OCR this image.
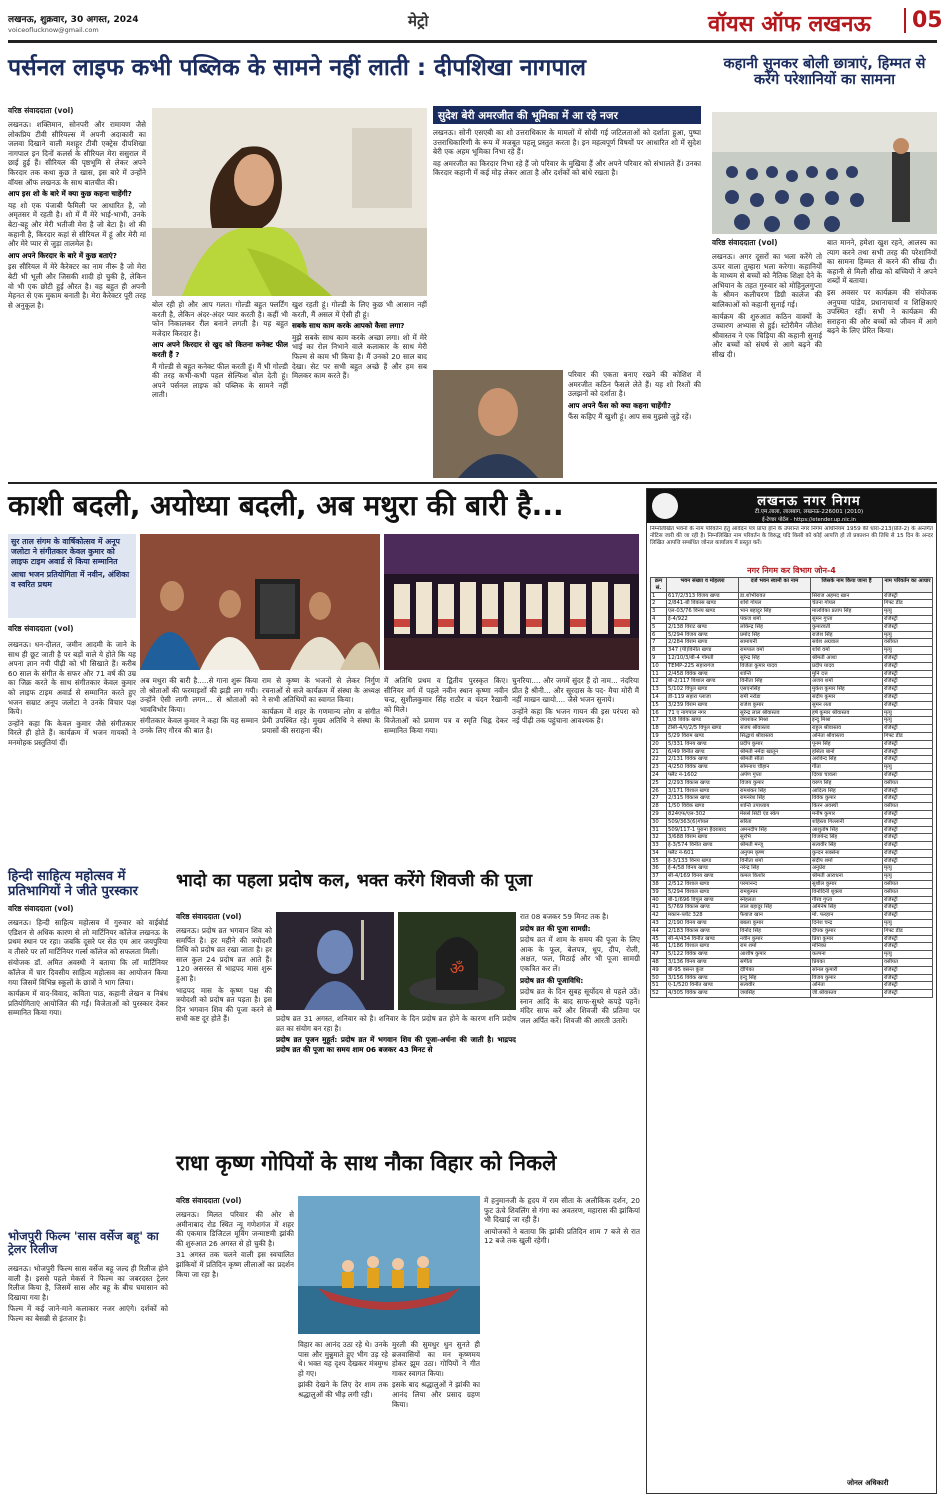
लखनऊ, शुक्रवार, 30 अगस्त, 2024
voiceoflucknow@gmail.com	मेट्रो	वॉयस ऑफ लखनऊ	05
पर्सनल लाइफ कभी पब्लिक के सामने नहीं लाती : दीपशिखा नागपाल
वरिष्ठ संवाददाता (vol)

लखनऊ। शक्तिमान, सोनपरी और रामायण जैसे लोकप्रिय टीवी सीरियल्स में अपनी अदाकारी का जलवा दिखाने वाली मशहूर टीवी एक्ट्रेस दीपशिखा नागपाल इन दिनों कलर्स के सीरियल मेरा ससुराल में छाई हुई हैं। सीरियल की पृष्ठभूमि से लेकर अपने किरदार तक कथा कुछ ते खास, इस बारे में उन्होंने वॉयस ऑफ लखनऊ के साथ बातचीत की।

आप इस शो के बारे में क्या कुछ कहना चाहेंगी?

यह शो एक पंजाबी फैमिली पर आधारित है, जो अमृतसर में रहती है। शो में मैं मेरे भाई-भाभी, उनके बेटा-बहू और मेरी भतीजी मेरा है जो बेटा है। शो की कहानी है, किरदार कहां से सीरियल में हूं और मेरी मां और मेरे प्यार से जुड़ा तालमेल है।

आप अपने किरदार के बारे में कुछ बताएं?

इस सीरियल में मेरे कैरेक्टर का नाम नीरू है जो मेरा बेटी भी भूली और जिसकी शादी हो चुकी है, लेकिन वो भी एक छोटी हुई औरत है। वह बहुत ही अपनी मेहनत से एक मुकाम बनाती है। मेरा कैरेक्टर पूरी तरह से अनुकूल है।	बोल रही हो और आप गलत। गोल्डी बहुत फ्लर्टिंग करती है, लेकिन अंदर-अंदर प्यार करती है। कहीं भी फोन निकालकर रील बनाने लगती है। यह बहुत मजेदार किरदार है।

आप अपने किरदार से खुद को कितना कनेक्ट फील करती हैं ?

मैं गोल्डी से बहुत कनेक्ट फील करती हूं। मैं भी गोल्डी की तरह कभी-कभी पहल सेल्फिश बोल देती हूं। अपने पर्सनल लाइफ को पब्लिक के सामने नहीं लाती।

खुश रहती हूं। गोल्डी के लिए कुछ भी आसान नहीं करती, मैं असल में ऐसी ही हूं।

सबके साथ काम करके आपको कैसा लगा?

मुझे सबके साथ काम करके अच्छा लगा। शो में मेरे भाई का रोल निभाने वाले कलाकार के साथ मेरी फिल्म से काम भी किया है। मैं उनको 20 साल बाद देखा। सेट पर सभी बहुत अच्छे हैं और हम सब मिलकर काम करते हैं।

सुदेश बेरी अमरजीत की भूमिका में आ रहे नजर

लखनऊ। सोनी एसएबी का शो उत्तराधिकार के मामलों में सोची गई जटिलताओं को दर्शाता हुआ, पुष्पा उत्तराधिकारिणी के रूप में मजबूत पहलू प्रस्तुत करता है। इन महत्वपूर्ण विषयों पर आधारित शो में सुदेश बेरी एक अहम भूमिका निभा रहे हैं।

वह अमरजीत का किरदार निभा रहे हैं जो परिवार के मुखिया हैं और अपने परिवार को संभालते हैं। उनका किरदार कहानी में कई मोड़ लेकर आता है और दर्शकों को बांधे रखता है।

परिवार की एकता बनाए रखने की कोशिश में अमरजीत कठिन फैसले लेते हैं। यह शो रिश्तों की उलझनों को दर्शाता है।

आप अपने फैंस को क्या कहना चाहेंगी?

फैंस कहिए मैं खुशी हूं। आप सब मुझसे जुड़े रहें।

कहानी सुनकर बोली छात्राएं, हिम्मत से करेंगे परेशानियों का सामना
वरिष्ठ संवाददाता (vol)

लखनऊ। अगर दूसरों का भला करेंगे तो ऊपर वाला तुम्हारा भला करेगा। कहानियों के माध्यम से बच्चों को नैतिक शिक्षा देने के अभियान के तहत गुरुवार को मोहिनुलगुप्ता के श्रीमन कलीचरण डिग्री कालेज की बालिकाओं को कहानी सुनाई गई।

कार्यक्रम की शुरुआत कठिन वाक्यों के उच्चारण अभ्यास से हुई। स्टोरीमैन जीतेश श्रीवास्तव ने एक चिड़िया की कहानी सुनाई और बच्चों को संघर्ष से आगे बढ़ने की सीख दी।

बात मानने, हमेशा खुश रहने, आलस्य का त्याग करने तथा सभी तरह की परेशानियों का सामना हिम्मत से करने की सीख दी। कहानी से मिली सीख को बच्चियों ने अपने शब्दों में बताया।

इस अवसर पर कार्यक्रम की संयोजक अनुपमा पांडेय, प्रधानाचार्या व शिक्षिकाएं उपस्थित रहीं। सभी ने कार्यक्रम की सराहना की और बच्चों को जीवन में आगे बढ़ने के लिए प्रेरित किया।

काशी बदली, अयोध्या बदली, अब मथुरा की बारी है...
सुर ताल संगम के वार्षिकोत्सव में अनूप जलोटा ने संगीतकार केवल कुमार को लाइफ टाइम अवार्ड से किया सम्मानित
आधा भजन प्रतियोगिता में नवीन, अंशिका व स्वरित प्रथम
वरिष्ठ संवाददाता (vol)

लखनऊ। धन-दौलत, जमीन आदमी के जाने के साथ ही छूट जाती है पर बड़ों वाले ये होते कि यह अपना ज्ञान नयी पीढ़ी को भी सिखाते हैं। करीब 60 साल के संगीत के सफर और 71 वर्ष की उम्र का जिक्र करते के साथ संगीतकार केवल कुमार को लाइफ टाइम अवार्ड से सम्मानित करते हुए भजन सम्राट अनूप जलोटा ने उनके विचार पक्ष किये।

उन्होंने कहा कि केवल कुमार जैसे संगीतकार विरले ही होते हैं। कार्यक्रम में भजन गायकों ने मनमोहक प्रस्तुतियां दीं।

अब मथुरा की बारी है.....से गाना शुरू किया तो श्रोताओं की फरमाइशों की झड़ी लग गयी। उन्होंने ऐसी लागी लगन... से श्रोताओं को भावविभोर किया।

संगीतकार केवल कुमार ने कहा कि यह सम्मान उनके लिए गौरव की बात है।

राम से कृष्ण के भजनों से लेकर निर्गुण रचनाओं से सजे कार्यक्रम में संस्था के अध्यक्ष ने सभी अतिथियों का स्वागत किया।

कार्यक्रम में शहर के गणमान्य लोग व संगीत प्रेमी उपस्थित रहे। मुख्य अतिथि ने संस्था के प्रयासों की सराहना की।

में अतिथि प्रथम व द्वितीय पुरस्कृत किए। सीनियर वर्ग में पहले नवीन स्थान कृष्णा नवीन चन्द्र, सुशीलकुमार सिंह राठौर व चंदन रैखानी को मिले।

विजेताओं को प्रमाण पत्र व स्मृति चिह्न देकर सम्मानित किया गया।

चुनरिया.... और जगमें सुंदर हैं दो नाम... नंदरिया प्रीत है श्रीनी... और सूरदास के पद- मैया मोरी मैं नहीं माखन खायो.... जैसे भजन सुनाये।

उन्होंने कहा कि भजन गायन की इस परंपरा को नई पीढ़ी तक पहुंचाना आवश्यक है।

हिन्दी साहित्य महोत्सव में प्रतिभागियों ने जीते पुरस्कार
वरिष्ठ संवाददाता (vol)

लखनऊ। हिन्दी साहित्य महोत्सव में गुरुवार को वाईबोर्ड एडिशन से अधिक कारण से लो मार्टिनियर कॉलेज लखनऊ के प्रथम स्थान पर रहा। जबकि दूसरे पर सेठ एम आर जयपुरिया व तीसरे पर लॉ मार्टिनियर गर्ल्स कॉलेज को सफलता मिली।

संयोजक डॉ. अमित अवस्थी ने बताया कि लॉ मार्टिनियर कॉलेज में चार दिवसीय साहित्य महोत्सव का आयोजन किया गया जिसमें विभिन्न स्कूलों के छात्रों ने भाग लिया।

कार्यक्रम में वाद-विवाद, कविता पाठ, कहानी लेखन व निबंध प्रतियोगिताएं आयोजित की गईं। विजेताओं को पुरस्कार देकर सम्मानित किया गया।

भोजपुरी फिल्म 'सास वर्सेज बहू' का ट्रेलर रिलीज

लखनऊ। भोजपुरी फिल्म सास वर्सेज बहू जल्द ही रिलीज होने वाली है। इससे पहले मेकर्स ने फिल्म का जबरदस्त ट्रेलर रिलीज किया है, जिसमें सास और बहू के बीच घमासान को दिखाया गया है।

फिल्म में कई जाने-माने कलाकार नजर आएंगे। दर्शकों को फिल्म का बेसब्री से इंतजार है।

भादो का पहला प्रदोष कल, भक्त करेंगे शिवजी की पूजा
वरिष्ठ संवाददाता (vol)
ॐ

लखनऊ। प्रदोष व्रत भगवान शिव को समर्पित है। हर महीने की त्रयोदशी तिथि को प्रदोष व्रत रखा जाता है। हर साल कुल 24 प्रदोष व्रत आते हैं। 120 असरस्त से भाद्रपद मास शुरू हुआ है।

भाद्रपद मास के कृष्ण पक्ष की त्रयोदशी को प्रदोष व्रत पड़ता है। इस दिन भगवान शिव की पूजा करने से सभी कष्ट दूर होते हैं।	प्रदोष व्रत 31 अगस्त, शनिवार को है। शनिवार के दिन प्रदोष व्रत होने के कारण शनि प्रदोष व्रत का संयोग बन रहा है।

प्रदोष व्रत पूजन मुहूर्त: प्रदोष व्रत में भगवान शिव की पूजा-अर्चना की जाती है। भाद्रपद प्रदोष व्रत की पूजा का समय शाम 06 बजकर 43 मिनट से

रात 08 बजकर 59 मिनट तक है।

प्रदोष व्रत की पूजा सामग्री:

प्रदोष व्रत में शाम के समय की पूजा के लिए आक के फूल, बेलपत्र, धूप, दीप, रोली, अक्षत, फल, मिठाई और भी पूजा सामग्री एकत्रित कर लें।

प्रदोष व्रत की पूजाविधि:

प्रदोष व्रत के दिन सुबह सूर्योदय से पहले उठें। स्नान आदि के बाद साफ-सुथरे कपड़े पहनें। मंदिर साफ करें और शिवजी की प्रतिमा पर जल अर्पित करें। शिवजी की आरती उतारें।

राधा कृष्ण गोपियों के साथ नौका विहार को निकले
वरिष्ठ संवाददाता (vol)

लखनऊ। मिलत परिवार की ओर से अमीनाबाद रोड स्थित न्यू गणेशगंज में शहर की एकमात्र डिजिटल मूविंग जन्माष्टमी झांकी की शुरुआत 26 अगस्त से हो चुकी है।

31 अगस्त तक चलने वाली इस स्वचालित झांकियों में प्रतिदिन कृष्ण लीलाओं का प्रदर्शन किया जा रहा है।

विहार का आनंद उठा रहे थे। उनके पास और मुन्नुमाते हुए भीग उड़ रहे थे। भक्त यह दृश्य देखकर मंत्रमुग्ध हो गए।

झांकी देखने के लिए देर शाम तक श्रद्धालुओं की भीड़ लगी रही।

मुरली की सुमधुर धुन सुनते ही ब्रजवासियों का मन कृष्णमय होकर झूम उठा। गोपियों ने गीत गाकर स्वागत किया।

इसके बाद श्रद्धालुओं ने झांकी का आनंद लिया और प्रसाद ग्रहण किया।

में हनुमानजी के हृदय में राम सीता के अलौकिक दर्शन, 20 फुट ऊंचे शिवलिंग से गंगा का अवतरण, महारास की झांकियां भी दिखाई जा रही हैं।

आयोजकों ने बताया कि झांकी प्रतिदिन शाम 7 बजे से रात 12 बजे तक खुली रहेगी।

लखनऊ नगर निगम
टी.एम.लाला, लालबाग, लखनऊ-226001 (2010)
ई-टेण्डर पोर्टल - https://etender.up.nic.in
निम्नलिखित भवनों के नाम परिवर्तन हेतु आवेदन पत्र प्राप्त होने के उपरान्त नगर निगम अधिनियम 1959 की धारा-213(प्रति-2) के अन्तर्गत नोटिस जारी की जा रही है। निम्नलिखित नाम परिवर्तन के विरुद्ध यदि किसी को कोई आपत्ति हो तो प्रकाशन की तिथि से 15 दिन के अन्दर लिखित आपत्ति सम्बंधित जोनल कार्यालय में प्रस्तुत करें।
नगर निगम कर विभाग जोन-4
क्रम सं.	भवन संख्या व मोहल्ला	दर्ज भवन स्वामी का नाम	जिसके नाम किया जाना है	नाम परिवर्तन का आधार
1	617/2/313 विजय खण्ड	डा.शोभीरावत	सिराज अहमद खान	रजिस्ट्री
2	2/841-बी विकास खण्ड	शशि गोयल	चेतना गोयल	गिफ्ट डीड
3	एल-03/76 विनय खण्ड	भान बहादुर सिंह	मालविका प्रताप सिंह	मृत्यु
4	ई-4/922	पंकज शर्मा	सुमन गुप्ता	रजिस्ट्री
5	2/138 विराट खण्ड	लोकेन्द्र सिंह	कुमारवती	रजिस्ट्री
6	5/294 विजय खण्ड	प्रमोद सिंह	राजेश सिंह	मृत्यु
7	2/284 विराम खण्ड	सामायनी	सर्वेश अग्रवाल	वसीयत
8	347 (पी)विनीत खण्ड	रामपाल वर्मा	शशि वर्मा	मृत्यु
9	12/10/3/बी-4 गोमती	सुरेन्द्र सिंह	श्रीमती आशा	रजिस्ट्री
10	TEMP-225 सहारागंज	विजेता कुमार यादव	प्रदीप यादव	रजिस्ट्री
11	2/458 विवेक खण्ड	शान्ति	मुनि दत्त	रजिस्ट्री
12	बी-2/117 विशाल खण्ड	विनीता सिंह	अजय शर्मा	रजिस्ट्री
13	5/102 विपुल खण्ड	एसएनसिंह	मुकेश कुमार सिंह	रजिस्ट्री
14	डी-119 सहारा प्लाजा	रामी नरोडा	संदीप कुमार	रजिस्ट्री
15	3/239 विराम खण्ड	राजेश कुमार	सुमन लता	रजिस्ट्री
16	71 ए नागपाल नगर	सुरेन्द्र लाल श्रीवास्तव	हर्ष कुमार श्रीवास्तव	मृत्यु
17	3/8 विवेक खण्ड	जयशंकर मिश्रा	इन्दु मिश्रा	मृत्यु
18	टीसी-4/ए/2/5 विपुल खण्ड	संजय श्रीवास्तव	राहुल श्रीवास्तव	रजिस्ट्री
19	5/29 विराम खण्ड	सिद्धार्थ श्रीवास्तव	अनिता श्रीवास्तव	गिफ्ट डीड
20	5/331 विनय खण्ड	प्रदीप कुमार	पूनम सिंह	रजिस्ट्री
21	6/49 विनीत खण्ड	श्रीमती नर्मदा खातून	हसिता बानो	रजिस्ट्री
22	2/131 विवेक खण्ड	श्रीमती सीता	अरविन्द सिंह	रजिस्ट्री
23	4/250 विवेक खण्ड	सोमनाथ चौहान	गीता	मृत्यु
24	फ्लैट नं-1602	अर्पण गुप्ता	दिव्या चावला	रजिस्ट्री
25	2/293 विकास खण्ड	विजय कुमार	वरुण सिंह	वसीयत
26	3/171 विशाल खण्ड	रामशंकर सिंह	आदित्य सिंह	रजिस्ट्री
27	2/315 विकास खण्ड	रामनरेश सिंह	विवेक कुमार	रजिस्ट्री
28	1/50 विवेक खण्ड	शान्ति उपाध्याय	किरन अवस्थी	वसीयत
29	824एफ/एल-302	मेसर्स सिटी एंड स्केप	मनीष कुमार	रजिस्ट्री
30	509/363(6)गोयल	सरिता	शहिस्ता गिल्लानी	रजिस्ट्री
31	509/117-1 पुराना हैदराबाद	अमनदीप सिंह	आशुतोष सिंह	रजिस्ट्री
32	3/688 विराम खण्ड	सुरभि	विजयेन्द्र सिंह	रजिस्ट्री
33	ई-3/574 विनीत खण्ड	श्रीमती मन्जू	सत्यवीर सिंह	रजिस्ट्री
34	फ्लैट नं-601	अनुपम कृष्ण	कुन्दन सक्सेना	रजिस्ट्री
35	ई-3/133 विनय खण्ड	विनीता शर्मा	संदीप शर्मा	रजिस्ट्री
36	ई-4/58 विनय खण्ड	नरेन्द्र सिंह	अनुप्रेरा	मृत्यु
37	सी-4/169 विनय खण्ड	कमल किशोर	श्रीमती आराधना	मृत्यु
38	2/512 विशाल खण्ड	परमानन्द	सुशील कुमार	वसीयत
39	5/294 विशाल खण्ड	रामकुमार	विनोदिनी शुक्ला	वसीयत
40	बी-1/696 विपुल खण्ड	स्नेहलता	गौरव गुप्ता	रजिस्ट्री
41	5/769 विकास खण्ड	लाल बहादुर सिंह	अमिनेष सिंह	रजिस्ट्री
42	मकान-प्लॉट 328	फैयाज खान	मो. फरहान	रजिस्ट्री
43	2/190 विनय खण्ड	बबला कुमार	दिनेश चन्द्र	मृत्यु
44	2/183 विकास खण्ड	विनोद सिंह	दीपक कुमार	गिफ्ट डीड
45	सी-4/434 विनीत खण्ड	नवीन कुमार	प्रिया कुमार	रजिस्ट्री
46	1/186 विशाल खण्ड	राम शर्मा	मोनिका	रजिस्ट्री
47	5/122 विवेक खण्ड	आशीष कुमार	कल्पना	मृत्यु
48	3/136 विनय खण्ड	संगीता	प्रियंका	वसीयत
49	बी-95 वसन्त कुंज	दीपिका	सोनल कुमारी	रजिस्ट्री
50	3/156 विवेक खण्ड	इन्दु सिंह	विजय कुमार	रजिस्ट्री
51	ए-1/520 विनीत खण्ड	सत्यवीर	अनिता	रजिस्ट्री
52	4/305 विवेक खण्ड	जयसिंह	जी.श्रीवास्तव	रजिस्ट्री
जोनल अधिकारी
